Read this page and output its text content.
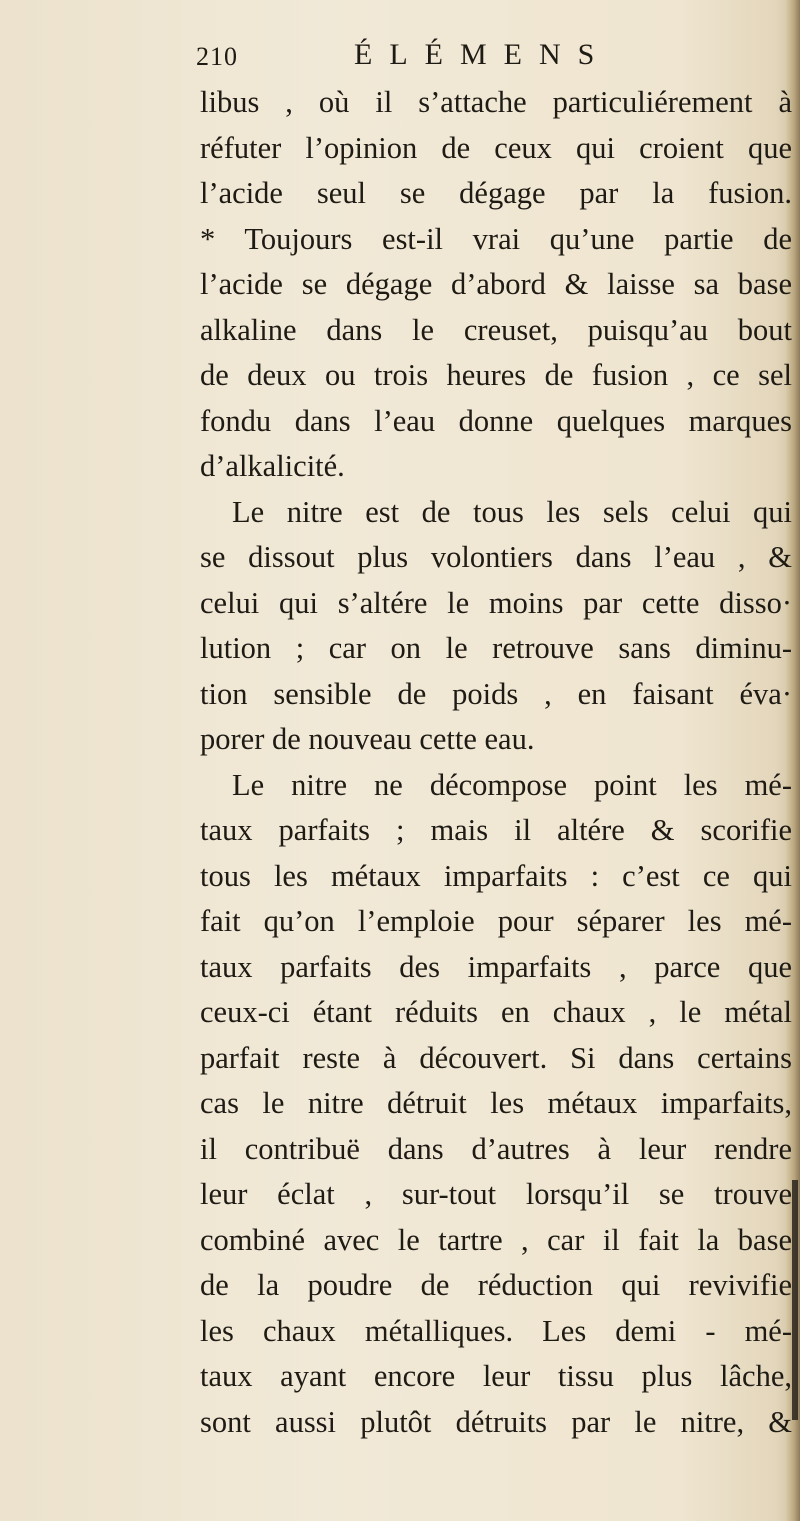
210	ÉLÉMENS
libus , où il s’attache particuliérement à
réfuter l’opinion de ceux qui croient que
l’acide seul se dégage par la fusion.
* Toujours est-il vrai qu’une partie de
l’acide se dégage d’abord & laisse sa base
alkaline dans le creuset, puisqu’au bout
de deux ou trois heures de fusion , ce sel
fondu dans l’eau donne quelques marques
d’alkalicité.
Le nitre est de tous les sels celui qui
se dissout plus volontiers dans l’eau , &
celui qui s’altére le moins par cette disso·
lution ; car on le retrouve sans diminu-
tion sensible de poids , en faisant éva·
porer de nouveau cette eau.
Le nitre ne décompose point les mé-
taux parfaits ; mais il altére & scorifie
tous les métaux imparfaits : c’est ce qui
fait qu’on l’emploie pour séparer les mé-
taux parfaits des imparfaits , parce que
ceux-ci étant réduits en chaux , le métal
parfait reste à découvert. Si dans certains
cas le nitre détruit les métaux imparfaits,
il contribuë dans d’autres à leur rendre
leur éclat , sur-tout lorsqu’il se trouve
combiné avec le tartre , car il fait la base
de la poudre de réduction qui revivifie
les chaux métalliques. Les demi - mé-
taux ayant encore leur tissu plus lâche,
sont aussi plutôt détruits par le nitre, &
